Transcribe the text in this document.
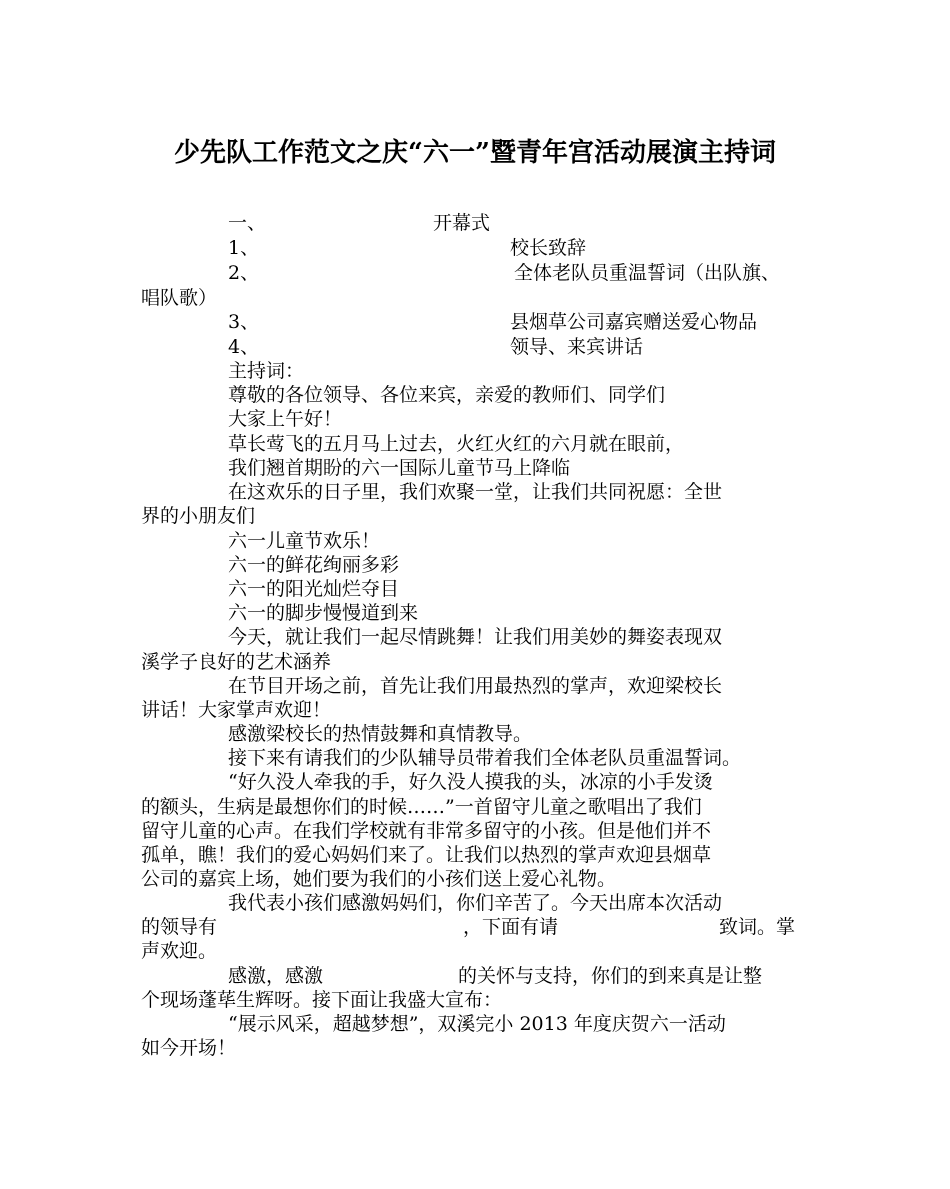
少先队工作范文之庆“六一”暨青年宫活动展演主持词
一、	开幕式
1、	校长致辞
2、	全体老队员重温誓词（出队旗、
唱队歌）
3、	县烟草公司嘉宾赠送爱心物品
4、	领导、来宾讲话
主持词：
尊敬的各位领导、各位来宾，亲爱的教师们、同学们
大家上午好！
草长莺飞的五月马上过去，火红火红的六月就在眼前，
我们翘首期盼的六一国际儿童节马上降临
在这欢乐的日子里，我们欢聚一堂，让我们共同祝愿：全世
界的小朋友们
六一儿童节欢乐！
六一的鲜花绚丽多彩
六一的阳光灿烂夺目
六一的脚步慢慢道到来
今天，就让我们一起尽情跳舞！让我们用美妙的舞姿表现双
溪学子良好的艺术涵养
在节目开场之前，首先让我们用最热烈的掌声，欢迎梁校长
讲话！大家掌声欢迎！
感激梁校长的热情鼓舞和真情教导。
接下来有请我们的少队辅导员带着我们全体老队员重温誓词。
“好久没人牵我的手，好久没人摸我的头，冰凉的小手发烫
的额头，生病是最想你们的时候……”一首留守儿童之歌唱出了我们
留守儿童的心声。在我们学校就有非常多留守的小孩。但是他们并不
孤单，瞧！我们的爱心妈妈们来了。让我们以热烈的掌声欢迎县烟草
公司的嘉宾上场，她们要为我们的小孩们送上爱心礼物。
我代表小孩们感激妈妈们，你们辛苦了。今天出席本次活动
的领导有	，下面有请	致词。掌
声欢迎。
感激，感激	的关怀与支持，你们的到来真是让整
个现场蓬荜生辉呀。接下面让我盛大宣布：
“展示风采，超越梦想”，双溪完小 2013 年度庆贺六一活动
如今开场！
